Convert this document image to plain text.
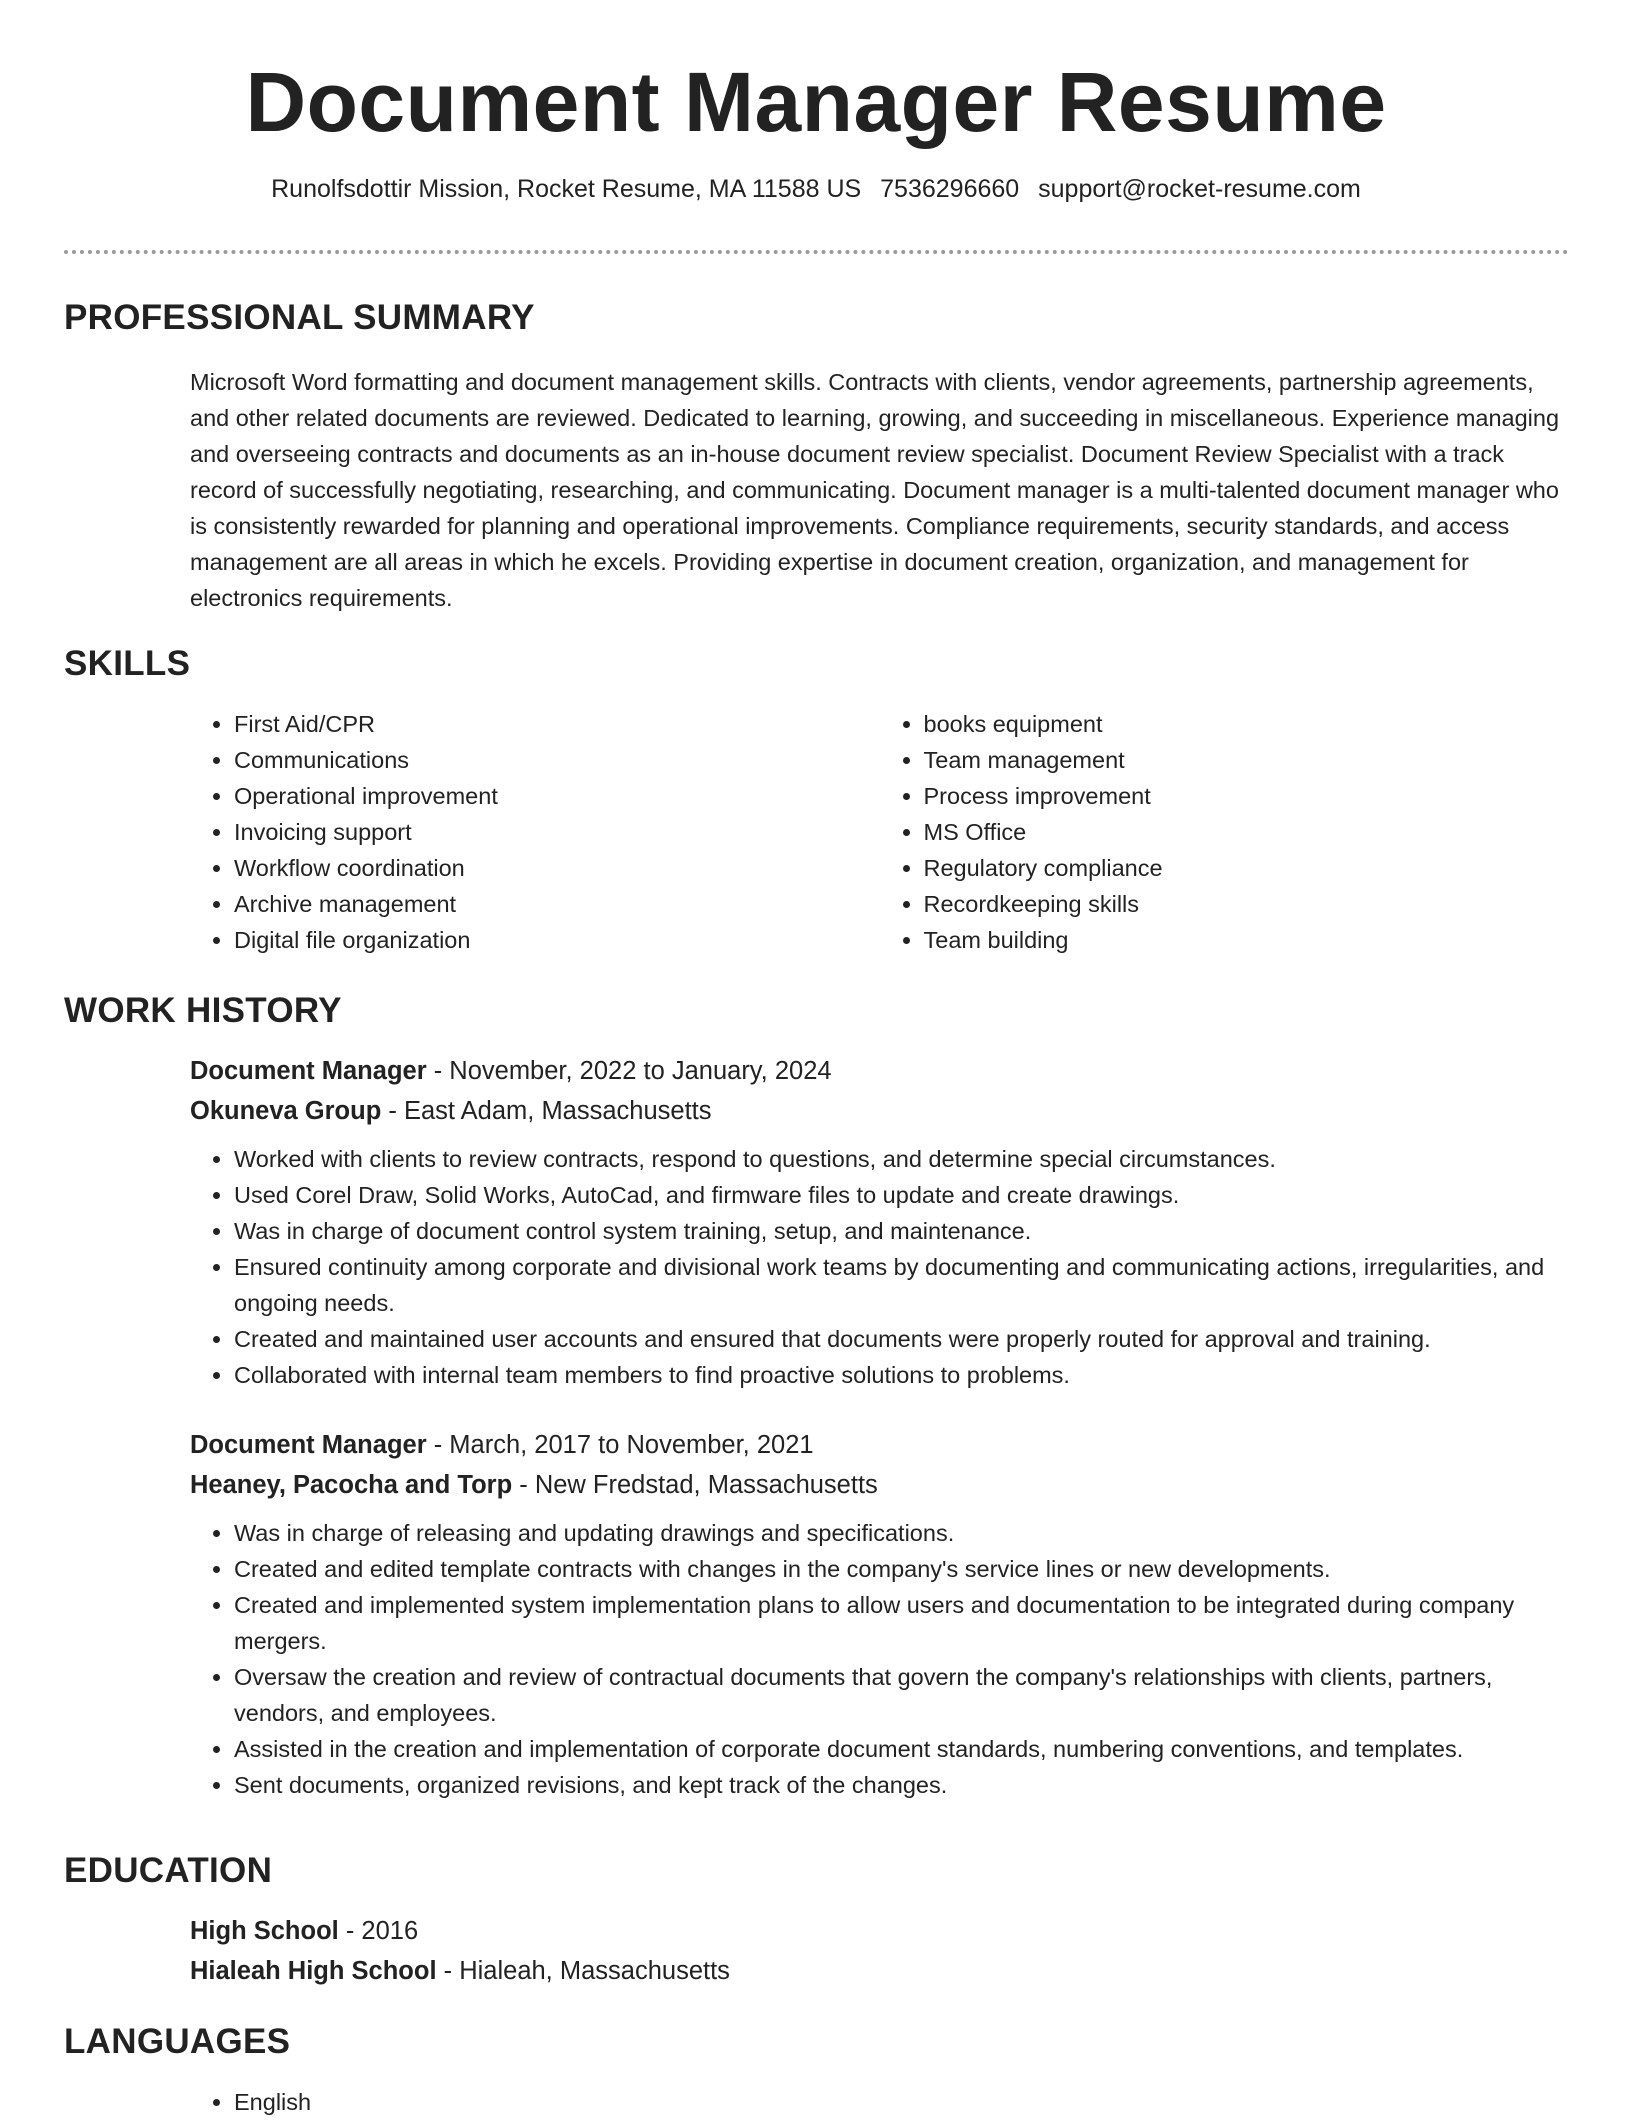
Document Manager Resume
Runolfsdottir Mission, Rocket Resume, MA 11588 US 7536296660 support@rocket-resume.com
PROFESSIONAL SUMMARY
Microsoft Word formatting and document management skills. Contracts with clients, vendor agreements, partnership agreements, and other related documents are reviewed. Dedicated to learning, growing, and succeeding in miscellaneous. Experience managing and overseeing contracts and documents as an in-house document review specialist. Document Review Specialist with a track record of successfully negotiating, researching, and communicating. Document manager is a multi-talented document manager who is consistently rewarded for planning and operational improvements. Compliance requirements, security standards, and access management are all areas in which he excels. Providing expertise in document creation, organization, and management for electronics requirements.
SKILLS
• First Aid/CPR
• Communications
• Operational improvement
• Invoicing support
• Workflow coordination
• Archive management
• Digital file organization
• books equipment
• Team management
• Process improvement
• MS Office
• Regulatory compliance
• Recordkeeping skills
• Team building
WORK HISTORY
Document Manager - November, 2022 to January, 2024
Okuneva Group - East Adam, Massachusetts
• Worked with clients to review contracts, respond to questions, and determine special circumstances.
• Used Corel Draw, Solid Works, AutoCad, and firmware files to update and create drawings.
• Was in charge of document control system training, setup, and maintenance.
• Ensured continuity among corporate and divisional work teams by documenting and communicating actions, irregularities, and ongoing needs.
• Created and maintained user accounts and ensured that documents were properly routed for approval and training.
• Collaborated with internal team members to find proactive solutions to problems.
Document Manager - March, 2017 to November, 2021
Heaney, Pacocha and Torp - New Fredstad, Massachusetts
• Was in charge of releasing and updating drawings and specifications.
• Created and edited template contracts with changes in the company's service lines or new developments.
• Created and implemented system implementation plans to allow users and documentation to be integrated during company mergers.
• Oversaw the creation and review of contractual documents that govern the company's relationships with clients, partners, vendors, and employees.
• Assisted in the creation and implementation of corporate document standards, numbering conventions, and templates.
• Sent documents, organized revisions, and kept track of the changes.
EDUCATION
High School - 2016
Hialeah High School - Hialeah, Massachusetts
LANGUAGES
• English
